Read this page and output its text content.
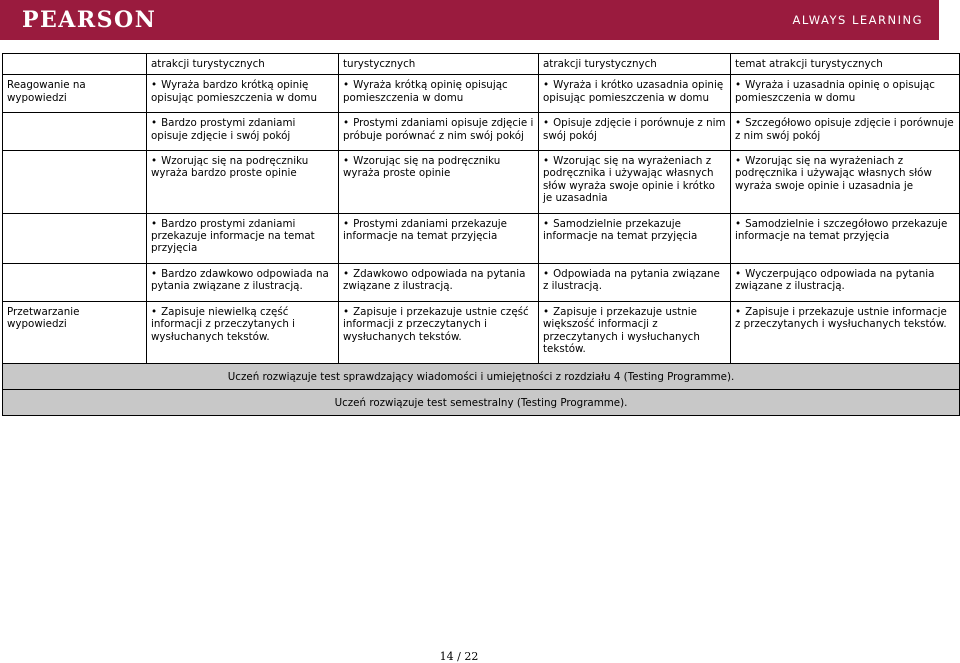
PEARSON	ALWAYS LEARNING
	atrakcji turystycznych	turystycznych	atrakcji turystycznych	temat atrakcji turystycznych
Reagowanie na wypowiedzi	• Wyraża bardzo krótką opinię opisując pomieszczenia w domu	• Wyraża krótką opinię opisując pomieszczenia w domu	• Wyraża i krótko uzasadnia opinię opisując pomieszczenia w domu	• Wyraża i uzasadnia opinię o opisując pomieszczenia w domu
	• Bardzo prostymi zdaniami opisuje zdjęcie i swój pokój	• Prostymi zdaniami opisuje zdjęcie i próbuje porównać z nim swój pokój	• Opisuje zdjęcie i porównuje z nim swój pokój	• Szczegółowo opisuje zdjęcie i porównuje z nim swój pokój
	• Wzorując się na podręczniku wyraża bardzo proste opinie	• Wzorując się na podręczniku wyraża proste opinie	• Wzorując się na wyrażeniach z podręcznika i używając własnych słów wyraża swoje opinie i krótko je uzasadnia	• Wzorując się na wyrażeniach z podręcznika i używając własnych słów wyraża swoje opinie i uzasadnia je
	• Bardzo prostymi zdaniami przekazuje informacje na temat przyjęcia	• Prostymi zdaniami przekazuje informacje na temat przyjęcia	• Samodzielnie przekazuje informacje na temat przyjęcia	• Samodzielnie i szczegółowo przekazuje informacje na temat przyjęcia
	• Bardzo zdawkowo odpowiada na pytania związane z ilustracją.	• Zdawkowo odpowiada na pytania związane z ilustracją.	• Odpowiada na pytania związane z ilustracją.	• Wyczerpująco odpowiada na pytania związane z ilustracją.
Przetwarzanie wypowiedzi	• Zapisuje niewielką część informacji z przeczytanych i wysłuchanych tekstów.	• Zapisuje i przekazuje ustnie część informacji z przeczytanych i wysłuchanych tekstów.	• Zapisuje i przekazuje ustnie większość informacji z przeczytanych i wysłuchanych tekstów.	• Zapisuje i przekazuje ustnie informacje z przeczytanych i wysłuchanych tekstów.
Uczeń rozwiązuje test sprawdzający wiadomości i umiejętności z rozdziału 4 (Testing Programme).				
Uczeń rozwiązuje test semestralny (Testing Programme).				
14 / 22
